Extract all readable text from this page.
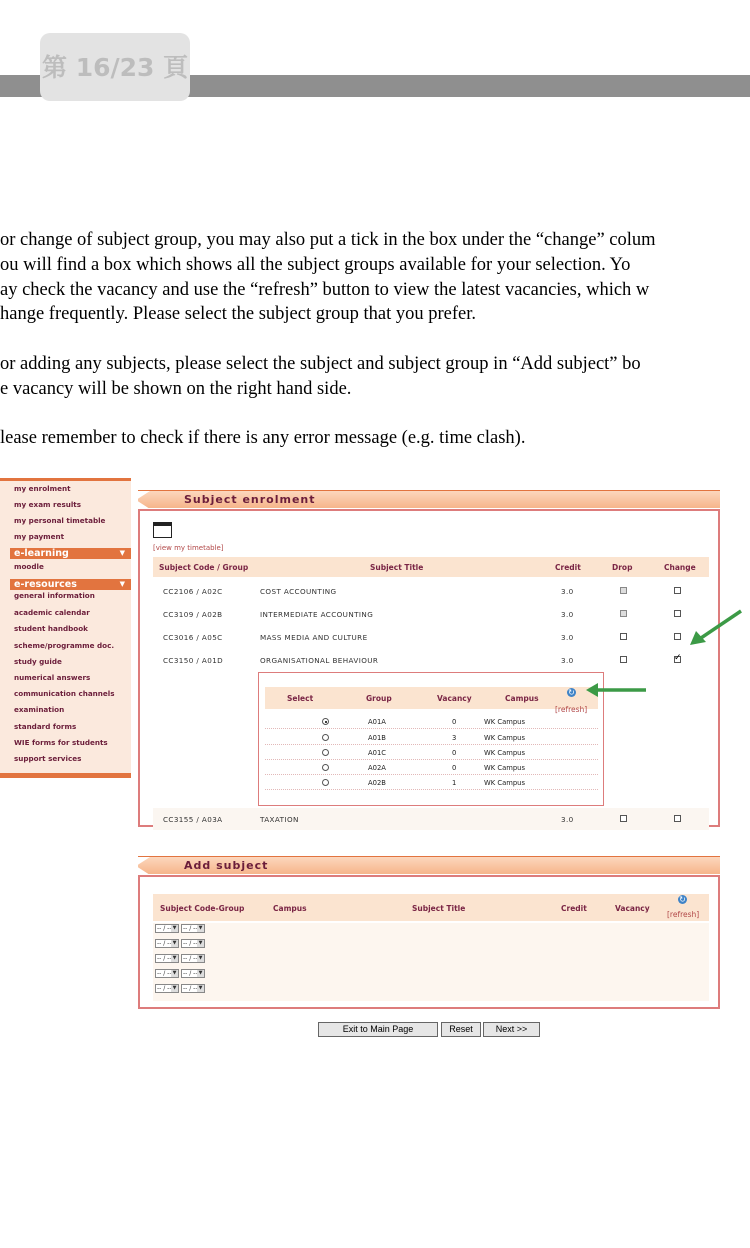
第 16/23 頁

or change of subject group, you may also put a tick in the box under the “change” colum

ou will find a box which shows all the subject groups available for your selection. Yo

ay check the vacancy and use the “refresh” button to view the latest vacancies, which w

hange frequently. Please select the subject group that you prefer.

or adding any subjects, please select the subject and subject group in “Add subject” bo

e vacancy will be shown on the right hand side.

lease remember to check if there is any error message (e.g. time clash).

my enrolment
my exam results
my personal timetable
my payment
e-learning	▼
moodle
e-resources	▼
general information
academic calendar
student handbook
scheme/programme doc.
study guide
numerical answers
communication channels
examination
standard forms
WIE forms for students
support services
Subject enrolment
[view my timetable]
Subject Code / Group	Subject Title	Credit	Drop	Change
CC2106 / A02C	COST ACCOUNTING	3.0
CC3109 / A02B	INTERMEDIATE ACCOUNTING	3.0
CC3016 / A05C	MASS MEDIA AND CULTURE	3.0
CC3150 / A01D	ORGANISATIONAL BEHAVIOUR	3.0
✓
Select	Group	Vacancy	Campus
↻
[refresh]
A01A	0	WK Campus
A01B	3	WK Campus
A01C	0	WK Campus
A02A	0	WK Campus
A02B	1	WK Campus
CC3155 / A03A	TAXATION	3.0
Add subject
Subject Code-Group	Campus	Subject Title	Credit	Vacancy
↻
[refresh]
-- / -- ▼	-- / -- ▼
-- / -- ▼	-- / -- ▼
-- / -- ▼	-- / -- ▼
-- / -- ▼	-- / -- ▼
-- / -- ▼	-- / -- ▼
Exit to Main Page	Reset	Next >>
